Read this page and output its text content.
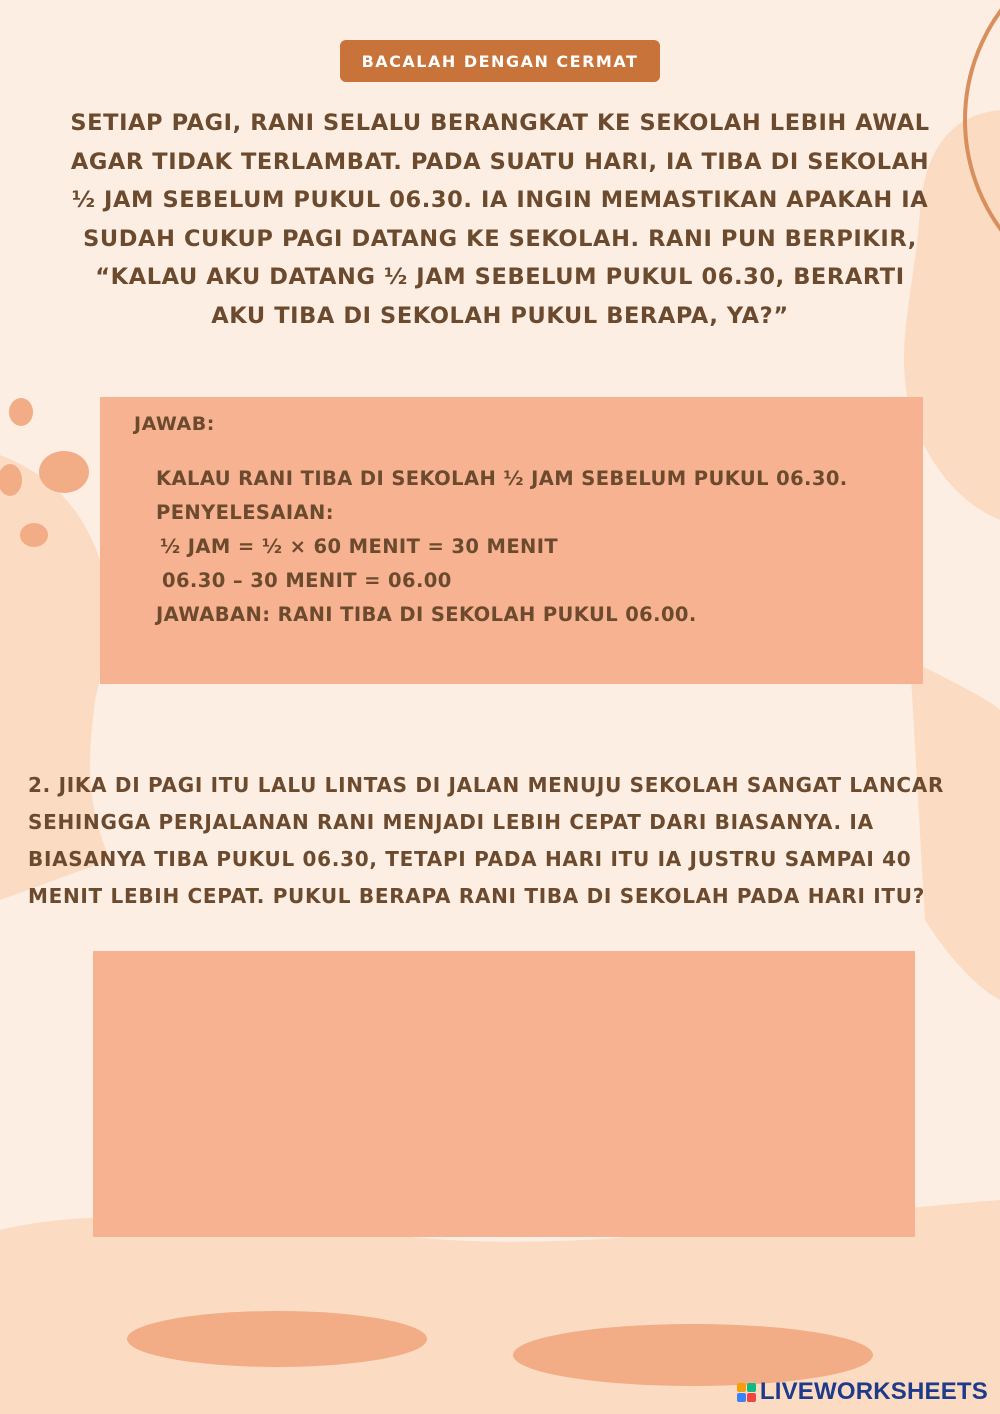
BACALAH DENGAN CERMAT

SETIAP PAGI, RANI SELALU BERANGKAT KE SEKOLAH LEBIH AWAL
AGAR TIDAK TERLAMBAT. PADA SUATU HARI, IA TIBA DI SEKOLAH
½ JAM SEBELUM PUKUL 06.30. IA INGIN MEMASTIKAN APAKAH IA
SUDAH CUKUP PAGI DATANG KE SEKOLAH. RANI PUN BERPIKIR,
“KALAU AKU DATANG ½ JAM SEBELUM PUKUL 06.30, BERARTI
AKU TIBA DI SEKOLAH PUKUL BERAPA, YA?”

JAWAB:
KALAU RANI TIBA DI SEKOLAH ½ JAM SEBELUM PUKUL 06.30.
PENYELESAIAN:
½ JAM = ½ × 60 MENIT = 30 MENIT
06.30 – 30 MENIT = 06.00
JAWABAN: RANI TIBA DI SEKOLAH PUKUL 06.00.

2. JIKA DI PAGI ITU LALU LINTAS DI JALAN MENUJU SEKOLAH SANGAT LANCAR
SEHINGGA PERJALANAN RANI MENJADI LEBIH CEPAT DARI BIASANYA. IA
BIASANYA TIBA PUKUL 06.30, TETAPI PADA HARI ITU IA JUSTRU SAMPAI 40
MENIT LEBIH CEPAT. PUKUL BERAPA RANI TIBA DI SEKOLAH PADA HARI ITU?

LIVEWORKSHEETS
